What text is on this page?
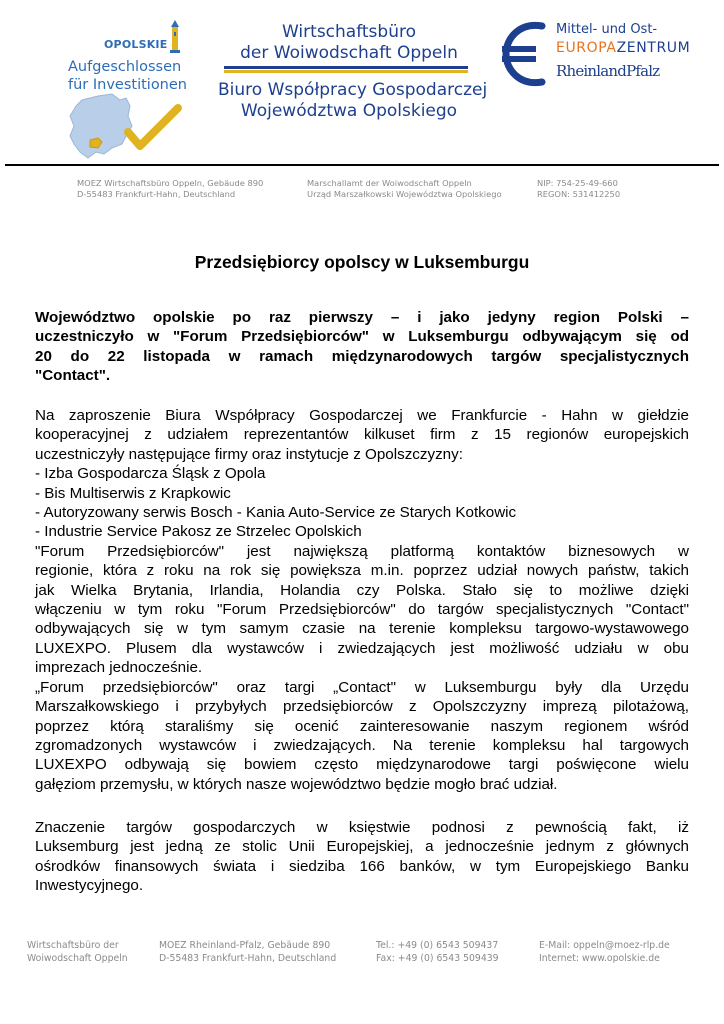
OPOLSKIE
Aufgeschlossen
für Investitionen
Wirtschaftsbüro
der Woiwodschaft Oppeln
Biuro Współpracy Gospodarczej
Województwa Opolskiego
Mittel- und Ost-
EUROPAZENTRUM
RheinlandPfalz
MOEZ Wirtschaftsbüro Oppeln, Gebäude 890
D-55483 Frankfurt-Hahn, Deutschland
Marschallamt der Woiwodschaft Oppeln
Urząd Marszałkowski Województwa Opolskiego
NIP: 754-25-49-660
REGON: 531412250
Przedsiębiorcy opolscy w Luksemburgu
Województwo opolskie po raz pierwszy – i jako jedyny region Polski –
uczestniczyło w "Forum Przedsiębiorców" w Luksemburgu odbywającym się od
20 do 22 listopada w ramach międzynarodowych targów specjalistycznych
"Contact".
Na zaproszenie Biura Współpracy Gospodarczej we Frankfurcie - Hahn w giełdzie
kooperacyjnej z udziałem reprezentantów kilkuset firm z 15 regionów europejskich
uczestniczyły następujące firmy oraz instytucje z Opolszczyzny:
- Izba Gospodarcza Śląsk z Opola
- Bis Multiserwis z Krapkowic
- Autoryzowany serwis Bosch - Kania Auto-Service ze Starych Kotkowic
- Industrie Service Pakosz ze Strzelec Opolskich
"Forum Przedsiębiorców" jest największą platformą kontaktów biznesowych w
regionie, która z roku na rok się powiększa m.in. poprzez udział nowych państw, takich
jak Wielka Brytania, Irlandia, Holandia czy Polska. Stało się to możliwe dzięki
włączeniu w tym roku "Forum Przedsiębiorców" do targów specjalistycznych "Contact"
odbywających się w tym samym czasie na terenie kompleksu targowo-wystawowego
LUXEXPO. Plusem dla wystawców i zwiedzających jest możliwość udziału w obu
imprezach jednocześnie.
„Forum przedsiębiorców" oraz targi „Contact" w Luksemburgu były dla Urzędu
Marszałkowskiego i przybyłych przedsiębiorców z Opolszczyzny imprezą pilotażową,
poprzez którą staraliśmy się ocenić zainteresowanie naszym regionem wśród
zgromadzonych wystawców i zwiedzających. Na terenie kompleksu hal targowych
LUXEXPO odbywają się bowiem często międzynarodowe targi poświęcone wielu
gałęziom przemysłu, w których nasze województwo będzie mogło brać udział.
Znaczenie targów gospodarczych w księstwie podnosi z pewnością fakt, iż
Luksemburg jest jedną ze stolic Unii Europejskiej, a jednocześnie jednym z głównych
ośrodków finansowych świata i siedziba 166 banków, w tym Europejskiego Banku
Inwestycyjnego.
Wirtschaftsbüro der
Woiwodschaft Oppeln
MOEZ Rheinland-Pfalz, Gebäude 890
D-55483 Frankfurt-Hahn, Deutschland
Tel.: +49 (0) 6543 509437
Fax: +49 (0) 6543 509439
E-Mail: oppeln@moez-rlp.de
Internet: www.opolskie.de
